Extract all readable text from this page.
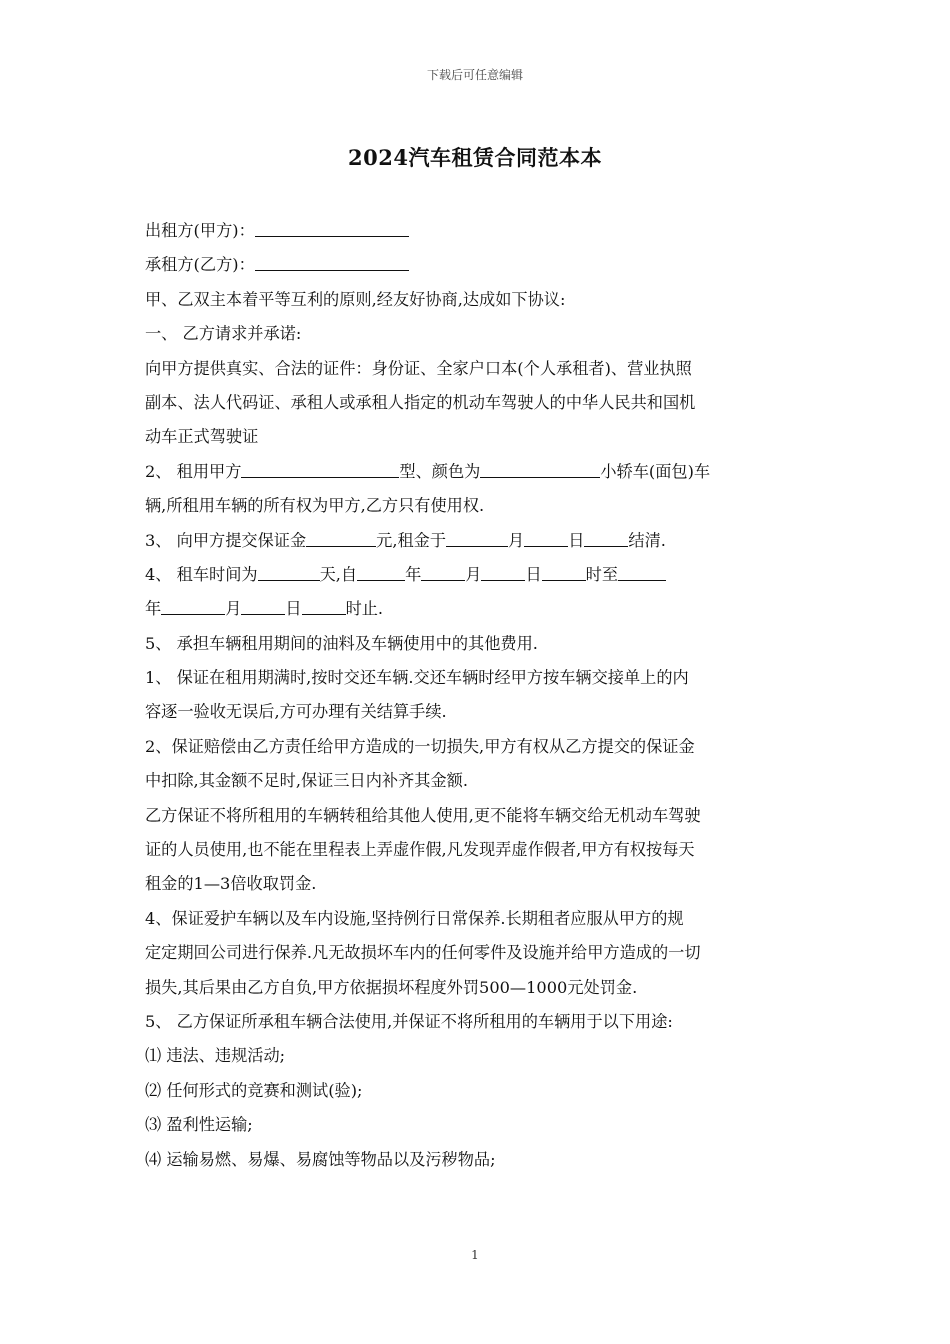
下载后可任意编辑
2024汽车租赁合同范本本

出租方(甲方)：

承租方(乙方)：

甲、乙双主本着平等互利的原则,经友好协商,达成如下协议:

一、 乙方请求并承诺:

向甲方提供真实、合法的证件：身份证、全家户口本(个人承租者)、营业执照

副本、法人代码证、承租人或承租人指定的机动车驾驶人的中华人民共和国机

动车正式驾驶证

2、 租用甲方	型、颜色为	小轿车(面包)车

辆,所租用车辆的所有权为甲方,乙方只有使用权.

3、 向甲方提交保证金	元,租金于	月	日	结清.

4、 租车时间为	天,自	年	月	日	时至

年	月	日	时止.

5、 承担车辆租用期间的油料及车辆使用中的其他费用.

1、 保证在租用期满时,按时交还车辆.交还车辆时经甲方按车辆交接单上的内

容逐一验收无误后,方可办理有关结算手续.

2、保证赔偿由乙方责任给甲方造成的一切损失,甲方有权从乙方提交的保证金

中扣除,其金额不足时,保证三日内补齐其金额.

乙方保证不将所租用的车辆转租给其他人使用,更不能将车辆交给无机动车驾驶

证的人员使用,也不能在里程表上弄虚作假,凡发现弄虚作假者,甲方有权按每天

租金的1—3倍收取罚金.

4、保证爱护车辆以及车内设施,坚持例行日常保养.长期租者应服从甲方的规

定定期回公司进行保养.凡无故损坏车内的任何零件及设施并给甲方造成的一切

损失,其后果由乙方自负,甲方依据损坏程度外罚500—1000元处罚金.

5、 乙方保证所承租车辆合法使用,并保证不将所租用的车辆用于以下用途:

⑴ 违法、违规活动;

⑵ 任何形式的竞赛和测试(验);

⑶ 盈利性运输;

⑷ 运输易燃、易爆、易腐蚀等物品以及污秽物品;

1
